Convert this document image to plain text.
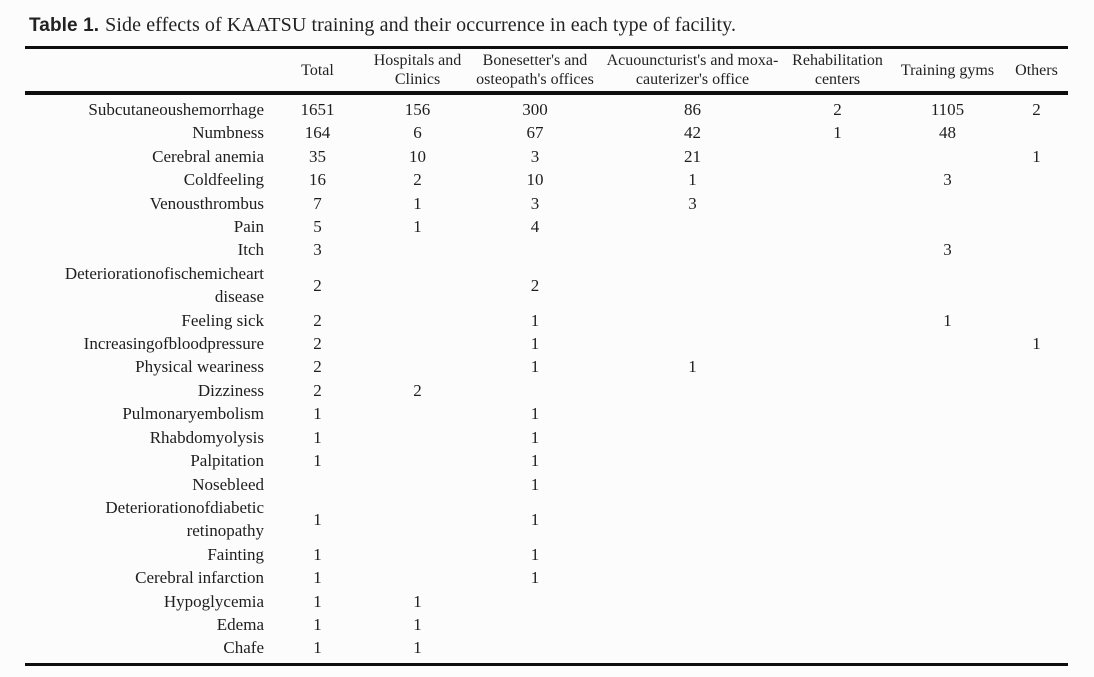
Table 1. Side effects of KAATSU training and their occurrence in each type of facility.
	Total	Hospitals and Clinics	Bonesetter's and osteopath's offices	Acuouncturist's and moxa-cauterizer's office	Rehabilitation centers	Training gyms	Others
Subcutaneoushemorrhage	1651	156	300	86	2	1105	2
Numbness	164	6	67	42	1	48	
Cerebral anemia	35	10	3	21			1
Coldfeeling	16	2	10	1		3	
Venousthrombus	7	1	3	3			
Pain	5	1	4				
Itch	3					3	
Deteriorationofischemicheart disease	2		2				
Feeling sick	2		1			1	
Increasingofbloodpressure	2		1				1
Physical weariness	2		1	1			
Dizziness	2	2					
Pulmonaryembolism	1		1				
Rhabdomyolysis	1		1				
Palpitation	1		1				
Nosebleed			1				
Deteriorationofdiabetic retinopathy	1		1				
Fainting	1		1				
Cerebral infarction	1		1				
Hypoglycemia	1	1					
Edema	1	1					
Chafe	1	1					
